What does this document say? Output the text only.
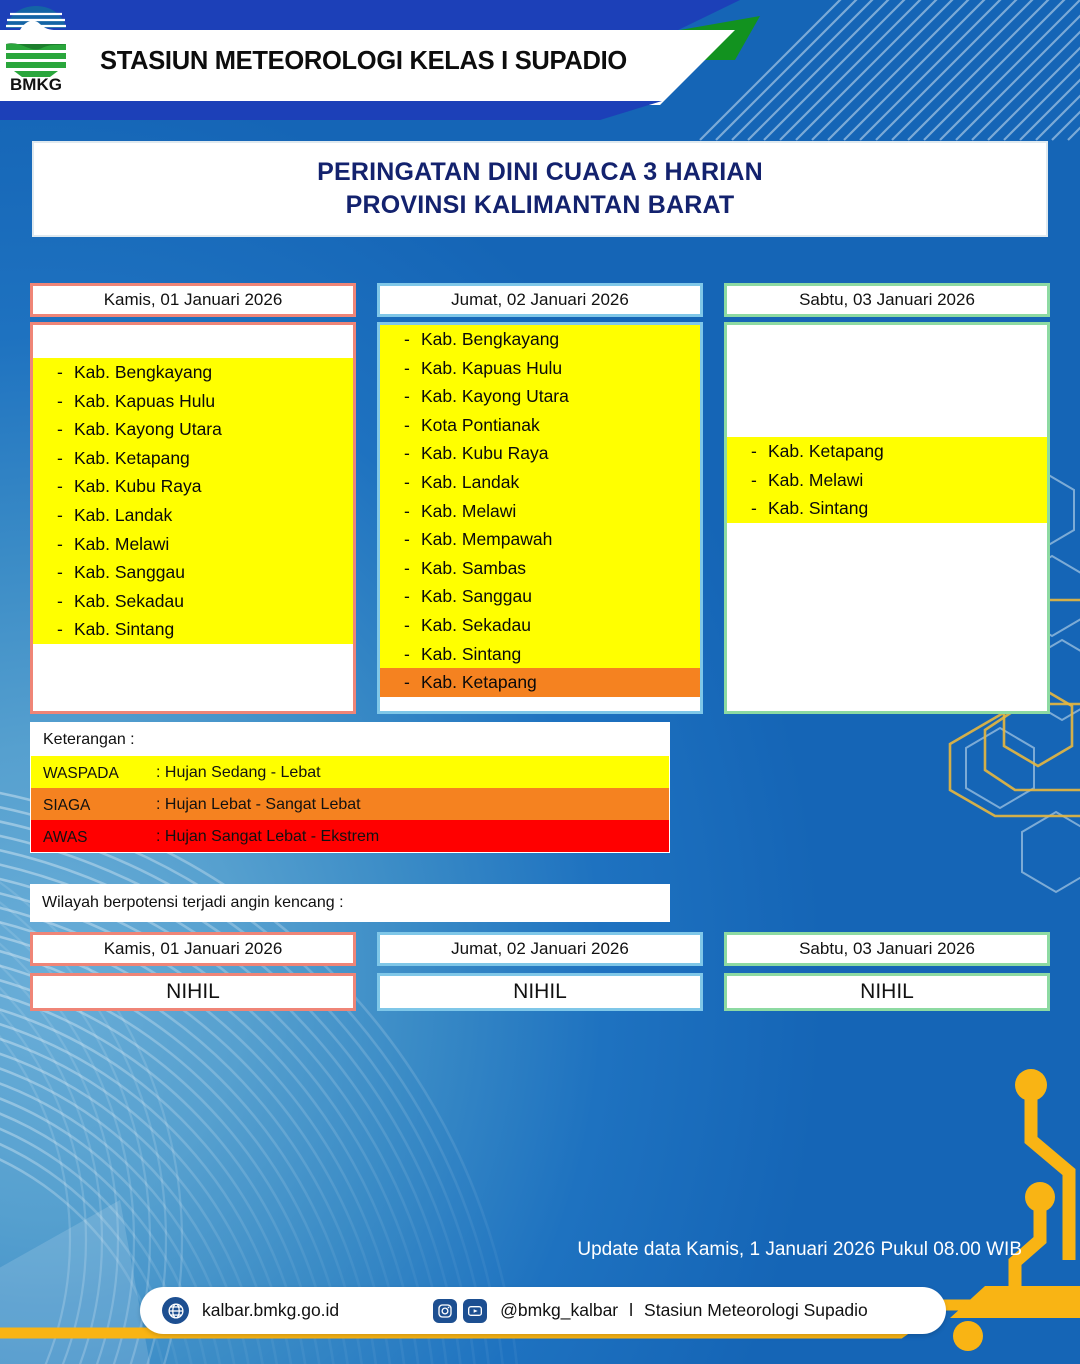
BMKG
STASIUN METEOROLOGI KELAS I SUPADIO
PERINGATAN DINI CUACA 3 HARIAN
PROVINSI KALIMANTAN BARAT
Kamis, 01 Januari 2026
- Kab. Bengkayang
- Kab. Kapuas Hulu
- Kab. Kayong Utara
- Kab. Ketapang
- Kab. Kubu Raya
- Kab. Landak
- Kab. Melawi
- Kab. Sanggau
- Kab. Sekadau
- Kab. Sintang
Jumat, 02 Januari 2026
- Kab. Bengkayang
- Kab. Kapuas Hulu
- Kab. Kayong Utara
- Kota Pontianak
- Kab. Kubu Raya
- Kab. Landak
- Kab. Melawi
- Kab. Mempawah
- Kab. Sambas
- Kab. Sanggau
- Kab. Sekadau
- Kab. Sintang
- Kab. Ketapang
Sabtu, 03 Januari 2026
- Kab. Ketapang
- Kab. Melawi
- Kab. Sintang
Keterangan :
WASPADA	: Hujan Sedang - Lebat
SIAGA	: Hujan Lebat - Sangat Lebat
AWAS	: Hujan Sangat Lebat - Ekstrem
Wilayah berpotensi terjadi angin kencang :
Kamis, 01 Januari 2026
NIHIL
Jumat, 02 Januari 2026
NIHIL
Sabtu, 03 Januari 2026
NIHIL
Update data Kamis, 1 Januari 2026 Pukul 08.00 WIB
kalbar.bmkg.go.id	@bmkg_kalbar l Stasiun Meteorologi Supadio
